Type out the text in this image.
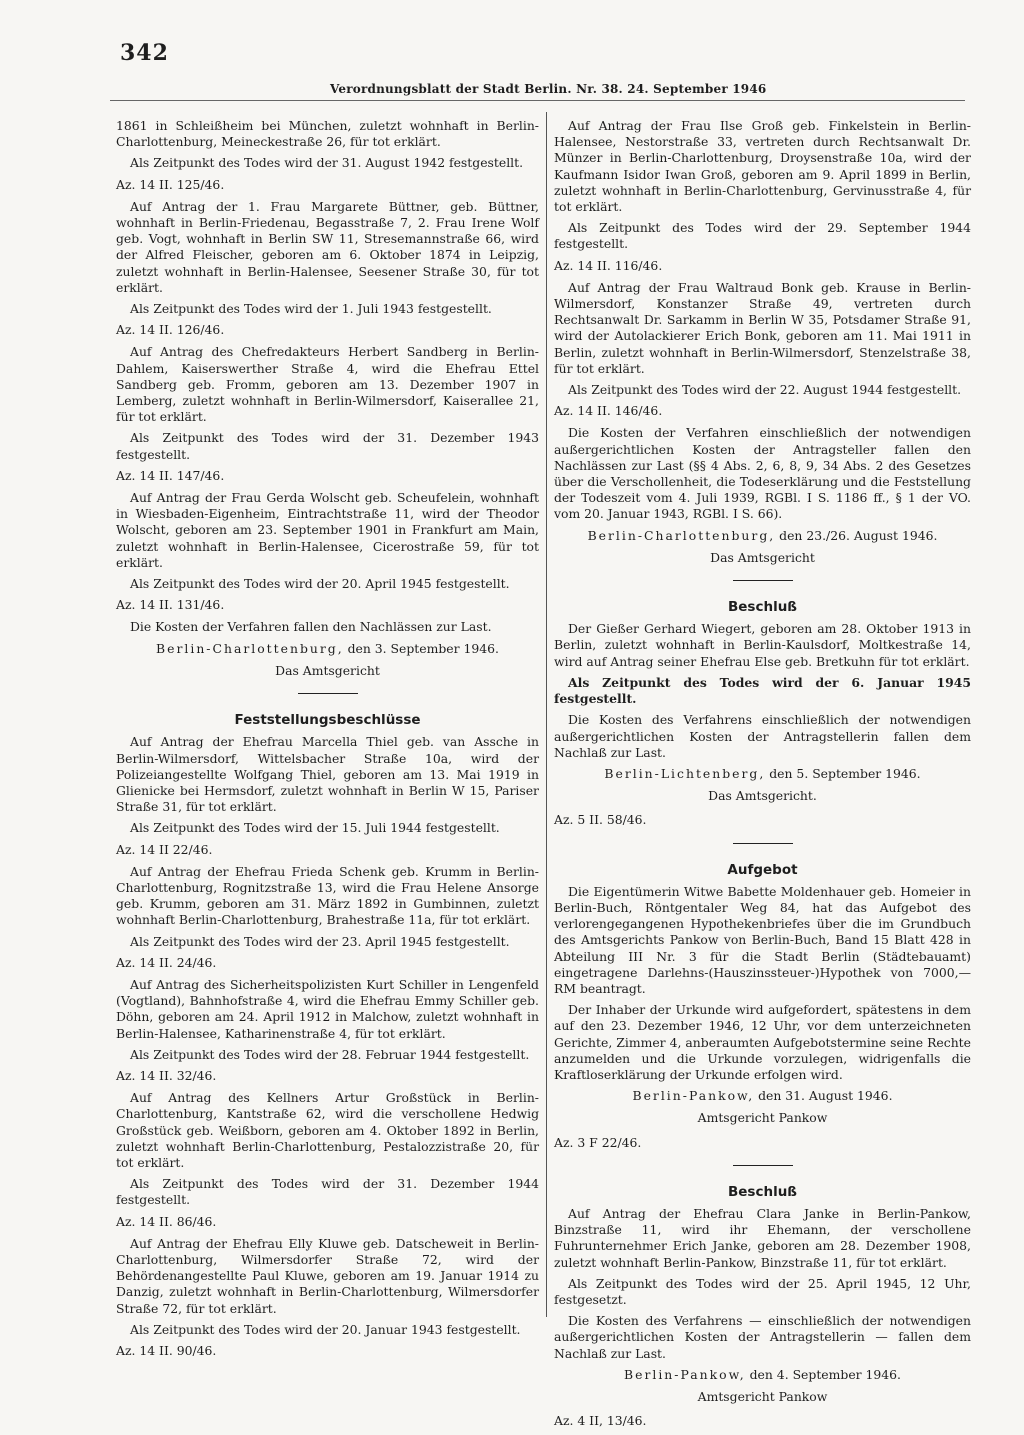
342
Verordnungsblatt der Stadt Berlin. Nr. 38. 24. September 1946

1861 in Schleißheim bei München, zuletzt wohnhaft in Berlin-Charlottenburg, Meineckestraße 26, für tot erklärt.

Als Zeitpunkt des Todes wird der 31. August 1942 festgestellt.

Az. 14 II. 125/46.

Auf Antrag der 1. Frau Margarete Büttner, geb. Büttner, wohnhaft in Berlin-Friedenau, Begasstraße 7, 2. Frau Irene Wolf geb. Vogt, wohnhaft in Berlin SW 11, Stresemannstraße 66, wird der Alfred Fleischer, geboren am 6. Oktober 1874 in Leipzig, zuletzt wohnhaft in Berlin-Halensee, Seesener Straße 30, für tot erklärt.

Als Zeitpunkt des Todes wird der 1. Juli 1943 festgestellt.

Az. 14 II. 126/46.

Auf Antrag des Chefredakteurs Herbert Sandberg in Berlin-Dahlem, Kaiserswerther Straße 4, wird die Ehefrau Ettel Sandberg geb. Fromm, geboren am 13. Dezember 1907 in Lemberg, zuletzt wohnhaft in Berlin-Wilmersdorf, Kaiserallee 21, für tot erklärt.

Als Zeitpunkt des Todes wird der 31. Dezember 1943 festgestellt.

Az. 14 II. 147/46.

Auf Antrag der Frau Gerda Wolscht geb. Scheufelein, wohnhaft in Wiesbaden-Eigenheim, Eintrachtstraße 11, wird der Theodor Wolscht, geboren am 23. September 1901 in Frankfurt am Main, zuletzt wohnhaft in Berlin-Halensee, Cicerostraße 59, für tot erklärt.

Als Zeitpunkt des Todes wird der 20. April 1945 festgestellt.

Az. 14 II. 131/46.

Die Kosten der Verfahren fallen den Nachlässen zur Last.

Berlin-Charlottenburg, den 3. September 1946.
Das Amtsgericht
Feststellungsbeschlüsse

Auf Antrag der Ehefrau Marcella Thiel geb. van Assche in Berlin-Wilmersdorf, Wittelsbacher Straße 10a, wird der Polizeiangestellte Wolfgang Thiel, geboren am 13. Mai 1919 in Glienicke bei Hermsdorf, zuletzt wohnhaft in Berlin W 15, Pariser Straße 31, für tot erklärt.

Als Zeitpunkt des Todes wird der 15. Juli 1944 festgestellt.

Az. 14 II 22/46.

Auf Antrag der Ehefrau Frieda Schenk geb. Krumm in Berlin-Charlottenburg, Rognitzstraße 13, wird die Frau Helene Ansorge geb. Krumm, geboren am 31. März 1892 in Gumbinnen, zuletzt wohnhaft Berlin-Charlottenburg, Brahestraße 11a, für tot erklärt.

Als Zeitpunkt des Todes wird der 23. April 1945 festgestellt.

Az. 14 II. 24/46.

Auf Antrag des Sicherheitspolizisten Kurt Schiller in Lengenfeld (Vogtland), Bahnhofstraße 4, wird die Ehefrau Emmy Schiller geb. Döhn, geboren am 24. April 1912 in Malchow, zuletzt wohnhaft in Berlin-Halensee, Katharinenstraße 4, für tot erklärt.

Als Zeitpunkt des Todes wird der 28. Februar 1944 festgestellt.

Az. 14 II. 32/46.

Auf Antrag des Kellners Artur Großstück in Berlin-Charlottenburg, Kantstraße 62, wird die verschollene Hedwig Großstück geb. Weißborn, geboren am 4. Oktober 1892 in Berlin, zuletzt wohnhaft Berlin-Charlottenburg, Pestalozzistraße 20, für tot erklärt.

Als Zeitpunkt des Todes wird der 31. Dezember 1944 festgestellt.

Az. 14 II. 86/46.

Auf Antrag der Ehefrau Elly Kluwe geb. Datscheweit in Berlin-Charlottenburg, Wilmersdorfer Straße 72, wird der Behördenangestellte Paul Kluwe, geboren am 19. Januar 1914 zu Danzig, zuletzt wohnhaft in Berlin-Charlottenburg, Wilmersdorfer Straße 72, für tot erklärt.

Als Zeitpunkt des Todes wird der 20. Januar 1943 festgestellt.

Az. 14 II. 90/46.

Auf Antrag der Frau Ilse Groß geb. Finkelstein in Berlin-Halensee, Nestorstraße 33, vertreten durch Rechtsanwalt Dr. Münzer in Berlin-Charlottenburg, Droysenstraße 10a, wird der Kaufmann Isidor Iwan Groß, geboren am 9. April 1899 in Berlin, zuletzt wohnhaft in Berlin-Charlottenburg, Gervinusstraße 4, für tot erklärt.

Als Zeitpunkt des Todes wird der 29. September 1944 festgestellt.

Az. 14 II. 116/46.

Auf Antrag der Frau Waltraud Bonk geb. Krause in Berlin-Wilmersdorf, Konstanzer Straße 49, vertreten durch Rechtsanwalt Dr. Sarkamm in Berlin W 35, Potsdamer Straße 91, wird der Autolackierer Erich Bonk, geboren am 11. Mai 1911 in Berlin, zuletzt wohnhaft in Berlin-Wilmersdorf, Stenzelstraße 38, für tot erklärt.

Als Zeitpunkt des Todes wird der 22. August 1944 festgestellt.

Az. 14 II. 146/46.

Die Kosten der Verfahren einschließlich der notwendigen außergerichtlichen Kosten der Antragsteller fallen den Nachlässen zur Last (§§ 4 Abs. 2, 6, 8, 9, 34 Abs. 2 des Gesetzes über die Verschollenheit, die Todeserklärung und die Feststellung der Todeszeit vom 4. Juli 1939, RGBl. I S. 1186 ff., § 1 der VO. vom 20. Januar 1943, RGBl. I S. 66).

Berlin-Charlottenburg, den 23./26. August 1946.
Das Amtsgericht
Beschluß

Der Gießer Gerhard Wiegert, geboren am 28. Oktober 1913 in Berlin, zuletzt wohnhaft in Berlin-Kaulsdorf, Moltkestraße 14, wird auf Antrag seiner Ehefrau Else geb. Bretkuhn für tot erklärt.

Als Zeitpunkt des Todes wird der 6. Januar 1945 festgestellt.

Die Kosten des Verfahrens einschließlich der notwendigen außergerichtlichen Kosten der Antragstellerin fallen dem Nachlaß zur Last.

Berlin-Lichtenberg, den 5. September 1946.
Das Amtsgericht.
Az. 5 II. 58/46.
Aufgebot

Die Eigentümerin Witwe Babette Moldenhauer geb. Homeier in Berlin-Buch, Röntgentaler Weg 84, hat das Aufgebot des verlorengegangenen Hypothekenbriefes über die im Grundbuch des Amtsgerichts Pankow von Berlin-Buch, Band 15 Blatt 428 in Abteilung III Nr. 3 für die Stadt Berlin (Städtebauamt) eingetragene Darlehns-(Hauszinssteuer-)Hypothek von 7000,— RM beantragt.

Der Inhaber der Urkunde wird aufgefordert, spätestens in dem auf den 23. Dezember 1946, 12 Uhr, vor dem unterzeichneten Gerichte, Zimmer 4, anberaumten Aufgebotstermine seine Rechte anzumelden und die Urkunde vorzulegen, widrigenfalls die Kraftloserklärung der Urkunde erfolgen wird.

Berlin-Pankow, den 31. August 1946.
Amtsgericht Pankow
Az. 3 F 22/46.
Beschluß

Auf Antrag der Ehefrau Clara Janke in Berlin-Pankow, Binzstraße 11, wird ihr Ehemann, der verschollene Fuhrunternehmer Erich Janke, geboren am 28. Dezember 1908, zuletzt wohnhaft Berlin-Pankow, Binzstraße 11, für tot erklärt.

Als Zeitpunkt des Todes wird der 25. April 1945, 12 Uhr, festgesetzt.

Die Kosten des Verfahrens — einschließlich der notwendigen außergerichtlichen Kosten der Antragstellerin — fallen dem Nachlaß zur Last.

Berlin-Pankow, den 4. September 1946.
Amtsgericht Pankow
Az. 4 II, 13/46.
